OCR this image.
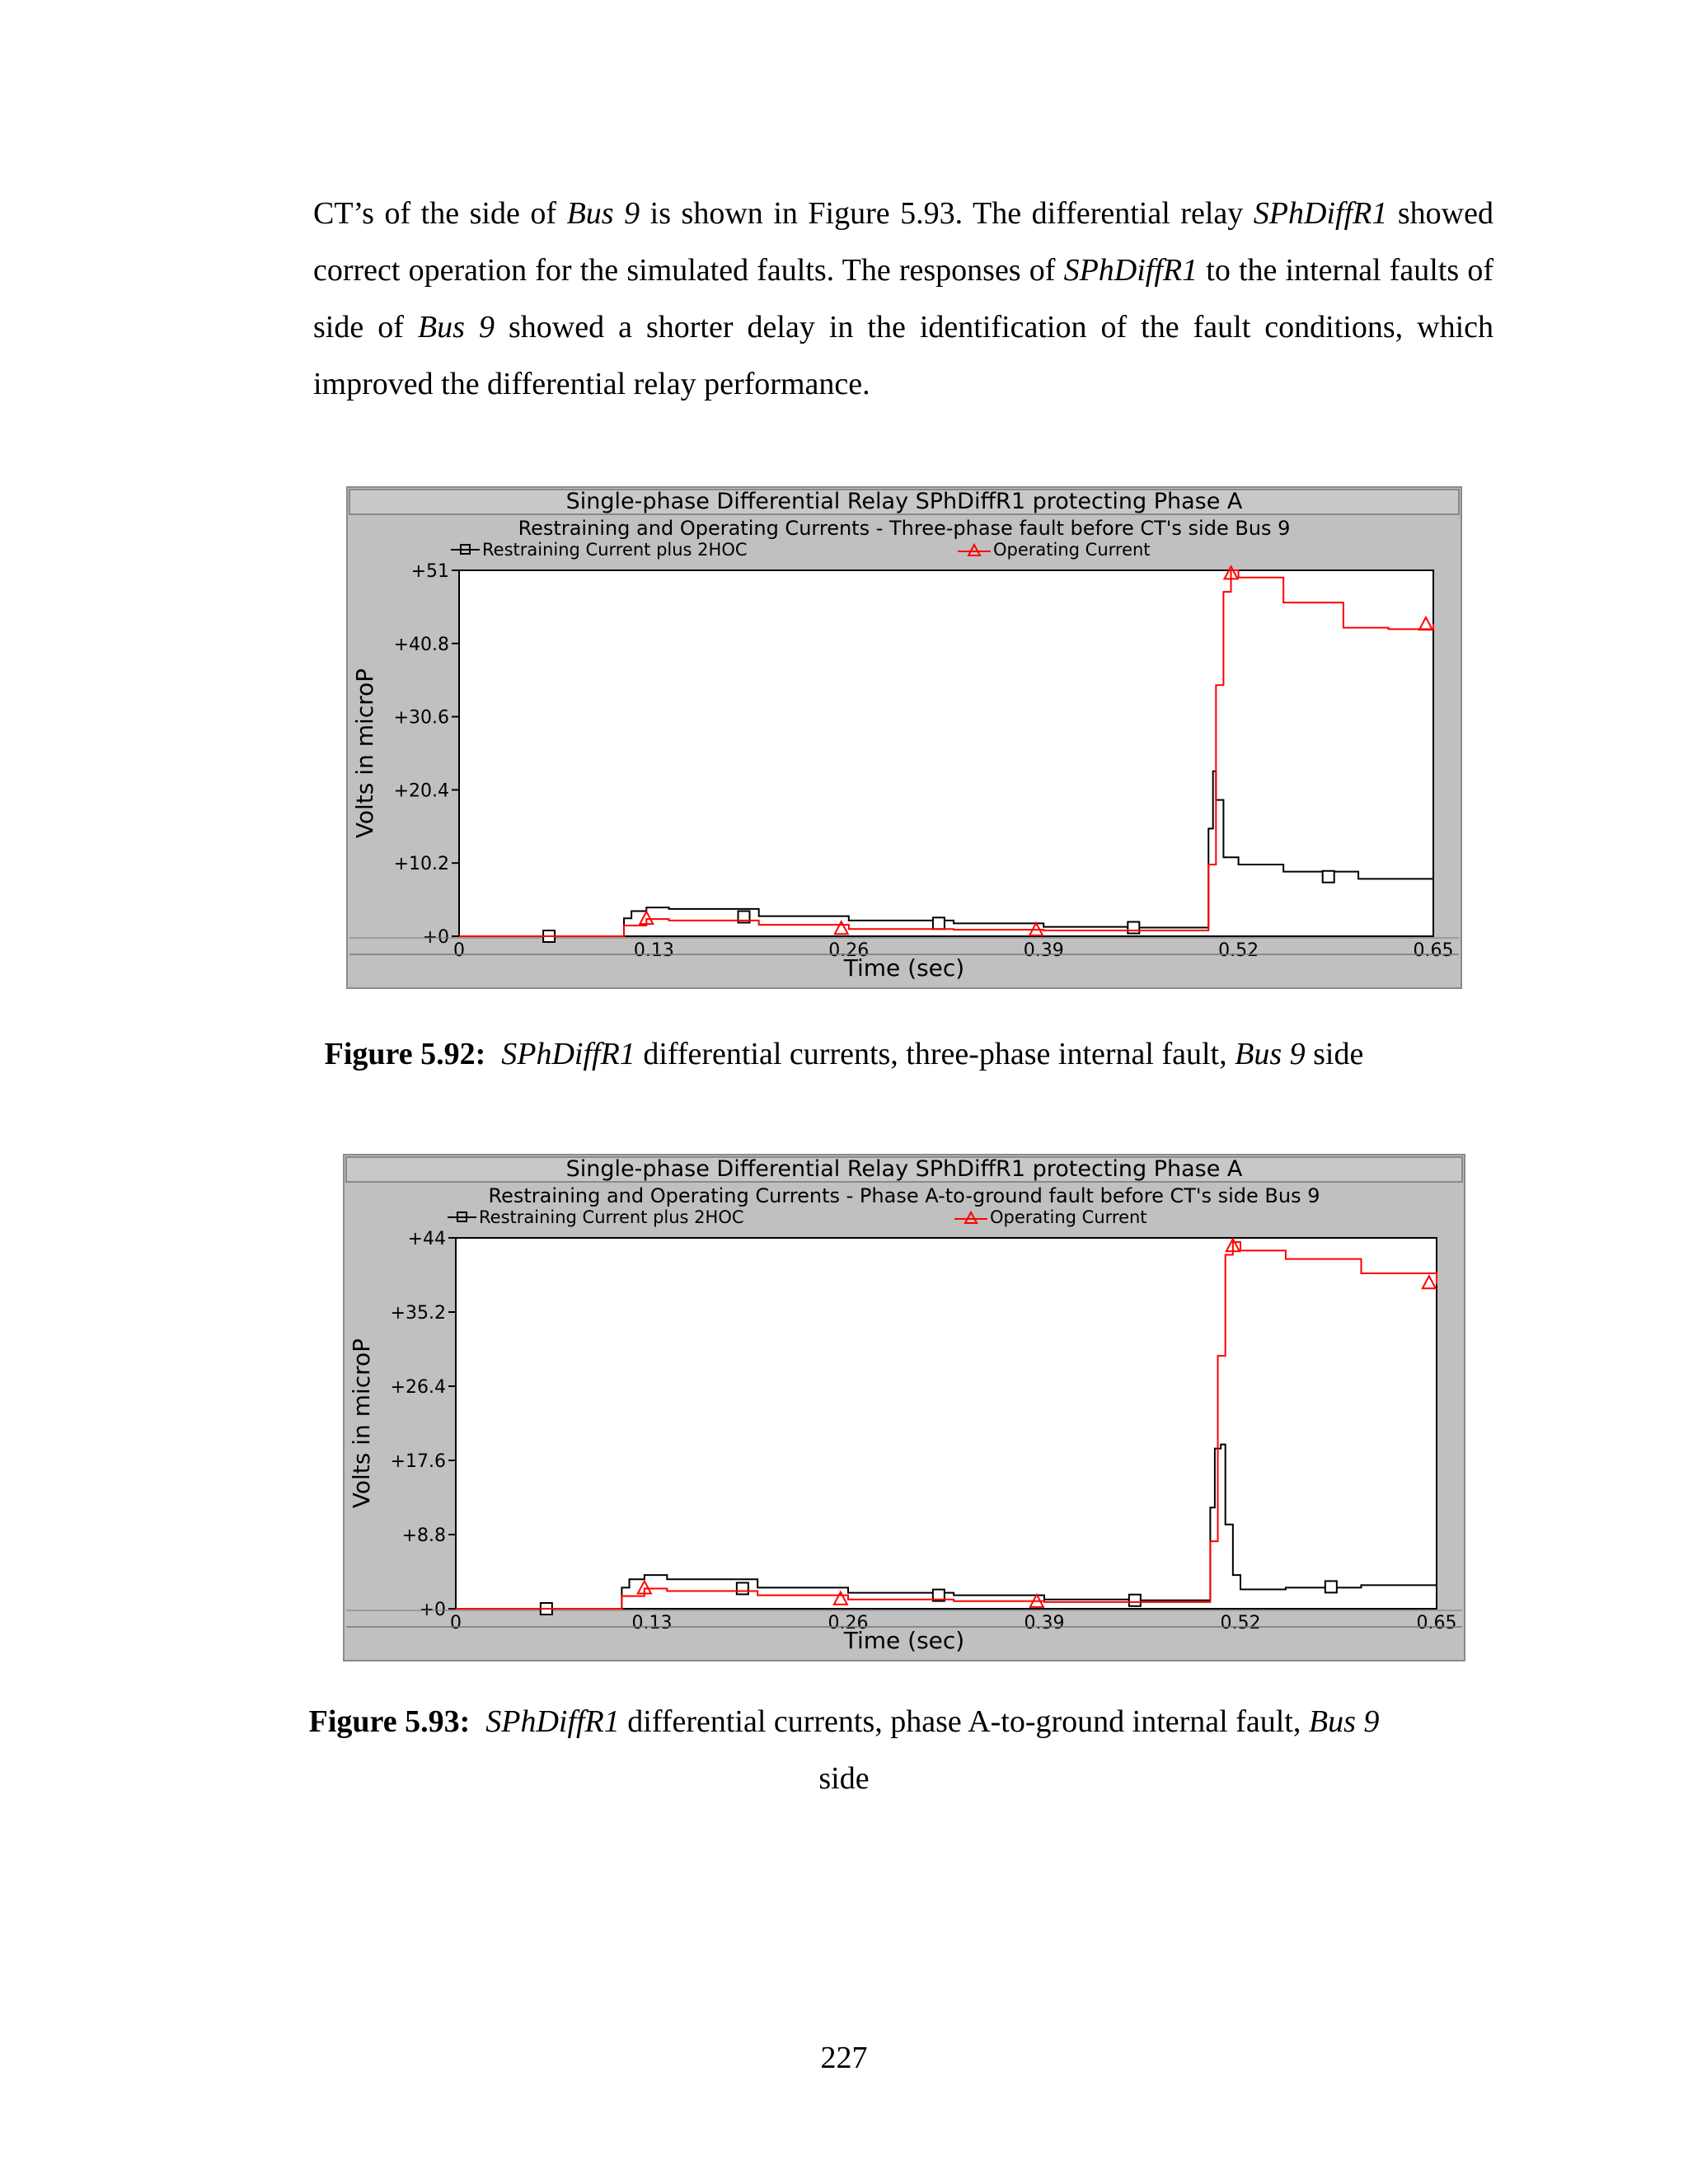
CT’s of the side of Bus 9 is shown in Figure 5.93. The differential relay SPhDiffR1 showed correct operation for the simulated faults. The responses of SPhDiffR1 to the internal faults of side of Bus 9 showed a shorter delay in the identification of the fault conditions, which improved the differential relay performance.

Single-phase Differential Relay SPhDiffR1 protecting Phase A
Restraining and Operating Currents - Three-phase fault before CT's side Bus 9
Restraining Current plus 2HOC	Operating Current
+0
+10.2
+20.4
+30.6
+40.8
+51
0	0.13	0.26	0.39	0.52	0.65
Volts in microP
Time (sec)
Figure 5.92: SPhDiffR1 differential currents, three-phase internal fault, Bus 9 side
Single-phase Differential Relay SPhDiffR1 protecting Phase A
Restraining and Operating Currents - Phase A-to-ground fault before CT's side Bus 9
Restraining Current plus 2HOC	Operating Current
+0
+8.8
+17.6
+26.4
+35.2
+44
0	0.13	0.26	0.39	0.52	0.65
Volts in microP
Time (sec)
Figure 5.93: SPhDiffR1 differential currents, phase A-to-ground internal fault, Bus 9
side
227
